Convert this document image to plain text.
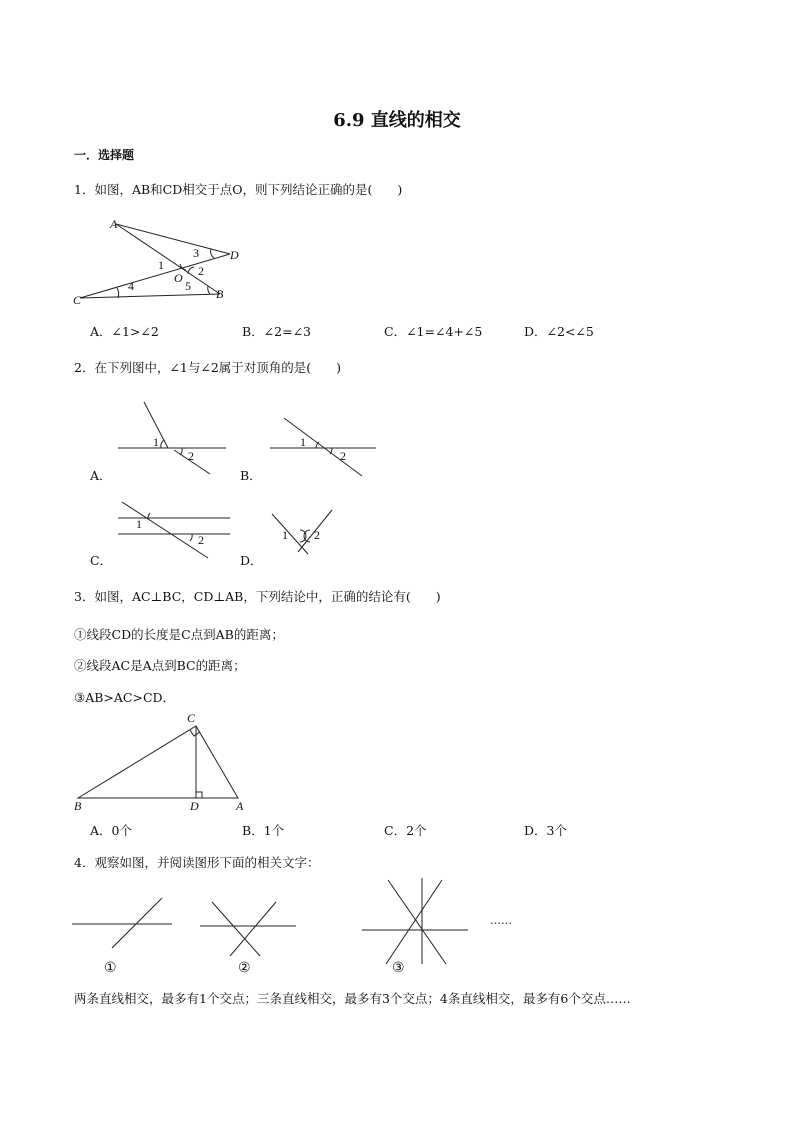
6.9 直线的相交
一．选择题
1．如图，AB和CD相交于点O，则下列结论正确的是(　　)
A
D
C	B
O
1	2
3
4	5
A．∠1>∠2	B．∠2=∠3	C．∠1=∠4+∠5	D．∠2<∠5
2．在下列图中，∠1与∠2属于对顶角的是(　　)
1
2
A．
1
2
B．
1
2
C．
1 2
D．
3．如图，AC⊥BC，CD⊥AB，下列结论中，正确的结论有(　　)
①线段CD的长度是C点到AB的距离；
②线段AC是A点到BC的距离；
③AB>AC>CD．
C
B	D	A
A．0个	B．1个	C．2个	D．3个
4．观察如图，并阅读图形下面的相关文字：
①	②	③
……
两条直线相交，最多有1个交点；三条直线相交，最多有3个交点；4条直线相交，最多有6个交点……
